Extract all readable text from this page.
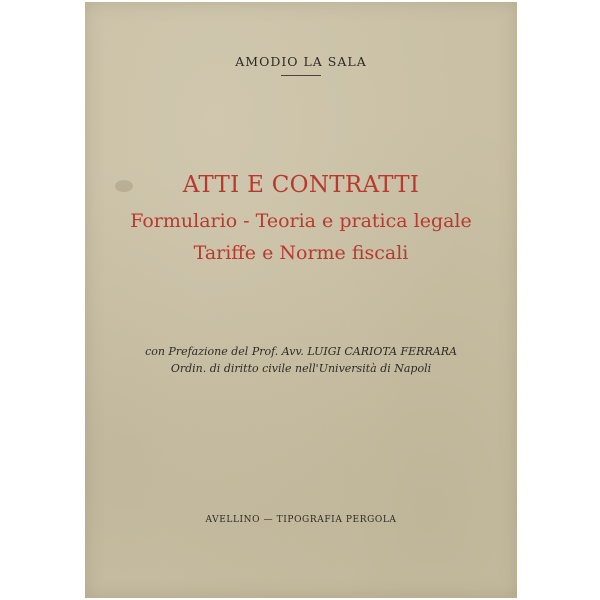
AMODIO LA SALA
ATTI E CONTRATTI
Formulario - Teoria e pratica legale
Tariffe e Norme fiscali
con Prefazione del Prof. Avv. LUIGI CARIOTA FERRARA
Ordin. di diritto civile nell'Università di Napoli
AVELLINO — TIPOGRAFIA PERGOLA
